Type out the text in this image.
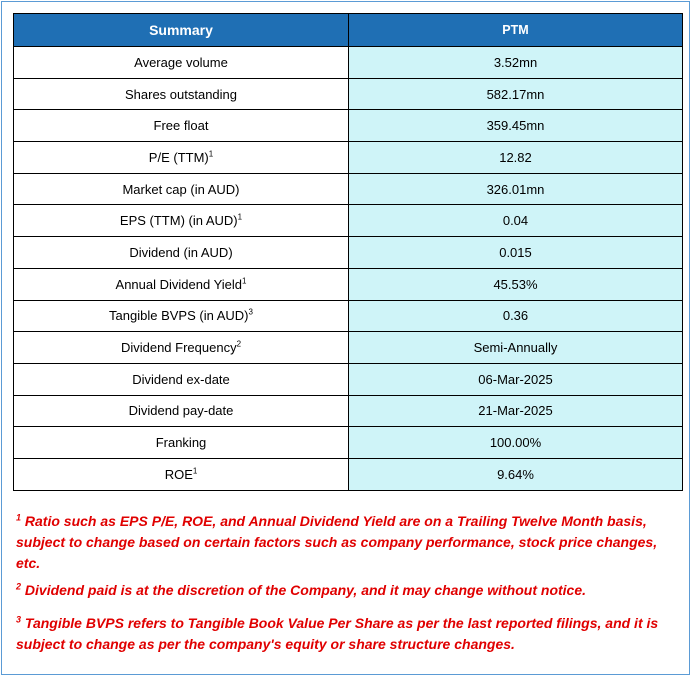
Summary	PTM
Average volume	3.52mn
Shares outstanding	582.17mn
Free float	359.45mn
P/E (TTM)$^1$	12.82
Market cap (in AUD)	326.01mn
EPS (TTM) (in AUD)$^1$	0.04
Dividend (in AUD)	0.015
Annual Dividend Yield$^1$	45.53%
Tangible BVPS (in AUD)$^3$	0.36
Dividend Frequency$^2$	Semi-Annually
Dividend ex-date	06-Mar-2025
Dividend pay-date	21-Mar-2025
Franking	100.00%
ROE$^1$	9.64%

$^1$ Ratio such as EPS P/E, ROE, and Annual Dividend Yield are on a Trailing Twelve Month basis, subject to change based on certain factors such as company performance, stock price changes, etc.

$^2$ Dividend paid is at the discretion of the Company, and it may change without notice.

$^3$ Tangible BVPS refers to Tangible Book Value Per Share as per the last reported filings, and it is subject to change as per the company's equity or share structure changes.
